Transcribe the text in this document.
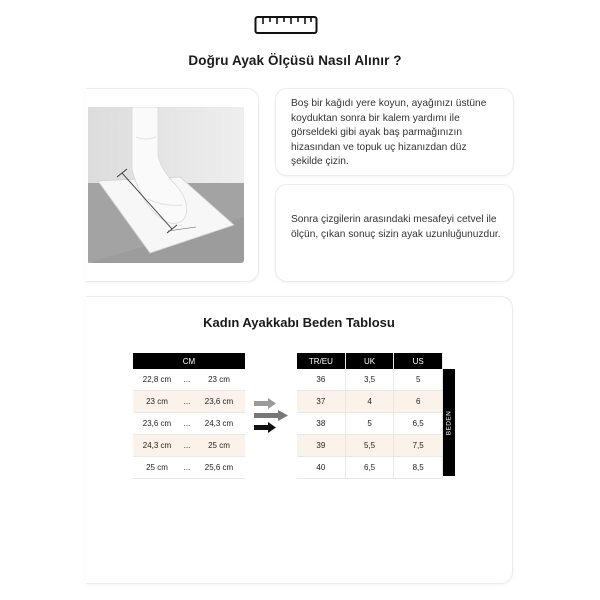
Doğru Ayak Ölçüsü Nasıl Alınır ?
Boş bir kağıdı yere koyun, ayağınızı üstüne koyduktan sonra bir kalem yardımı ile görseldeki gibi ayak baş parmağınızın hizasından ve topuk uç hizanızdan düz şekilde çizin.
Sonra çizgilerin arasındaki mesafeyi cetvel ile ölçün, çıkan sonuç sizin ayak uzunluğunuzdur.
Kadın Ayakkabı Beden Tablosu
CM		
22,8 cm	...	23 cm
23 cm	...	23,6 cm
23,6 cm	...	24,3 cm
24,3 cm	...	25 cm
25 cm	...	25,6 cm
TR/EU	UK	US
36	3,5	5
37	4	6
38	5	6,5
39	5,5	7,5
40	6,5	8,5
BEDEN
